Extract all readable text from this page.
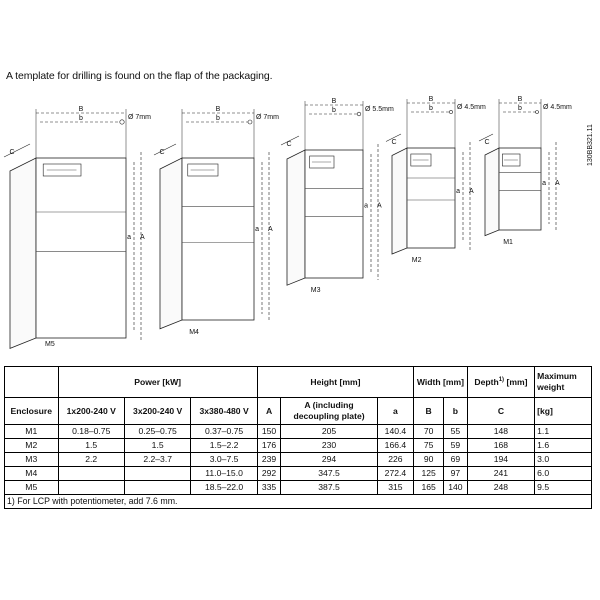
A template for drilling is found on the flap of the packaging.
B
b	Ø 7mm
C
a A
M5
B
b	Ø 7mm
C
a A
M4
B
b	Ø 5.5mm
C
a A
M3
B
b	Ø 4.5mm
C
a A
M2
B
b	Ø 4.5mm
C
a A
M1
130BB321.11
	Power [kW]			Height [mm]			Width [mm]		Depth$^{1)}$ [mm]	Maximum weight
Enclosure	1x200-240 V	3x200-240 V	3x380-480 V	A	A (including decoupling plate)	a	B	b	C	[kg]
M1	0.18–0.75	0.25–0.75	0.37–0.75	150	205	140.4	70	55	148	1.1
M2	1.5	1.5	1.5–2.2	176	230	166.4	75	59	168	1.6
M3	2.2	2.2–3.7	3.0–7.5	239	294	226	90	69	194	3.0
M4			11.0–15.0	292	347.5	272.4	125	97	241	6.0
M5			18.5–22.0	335	387.5	315	165	140	248	9.5
1) For LCP with potentiometer, add 7.6 mm.										
